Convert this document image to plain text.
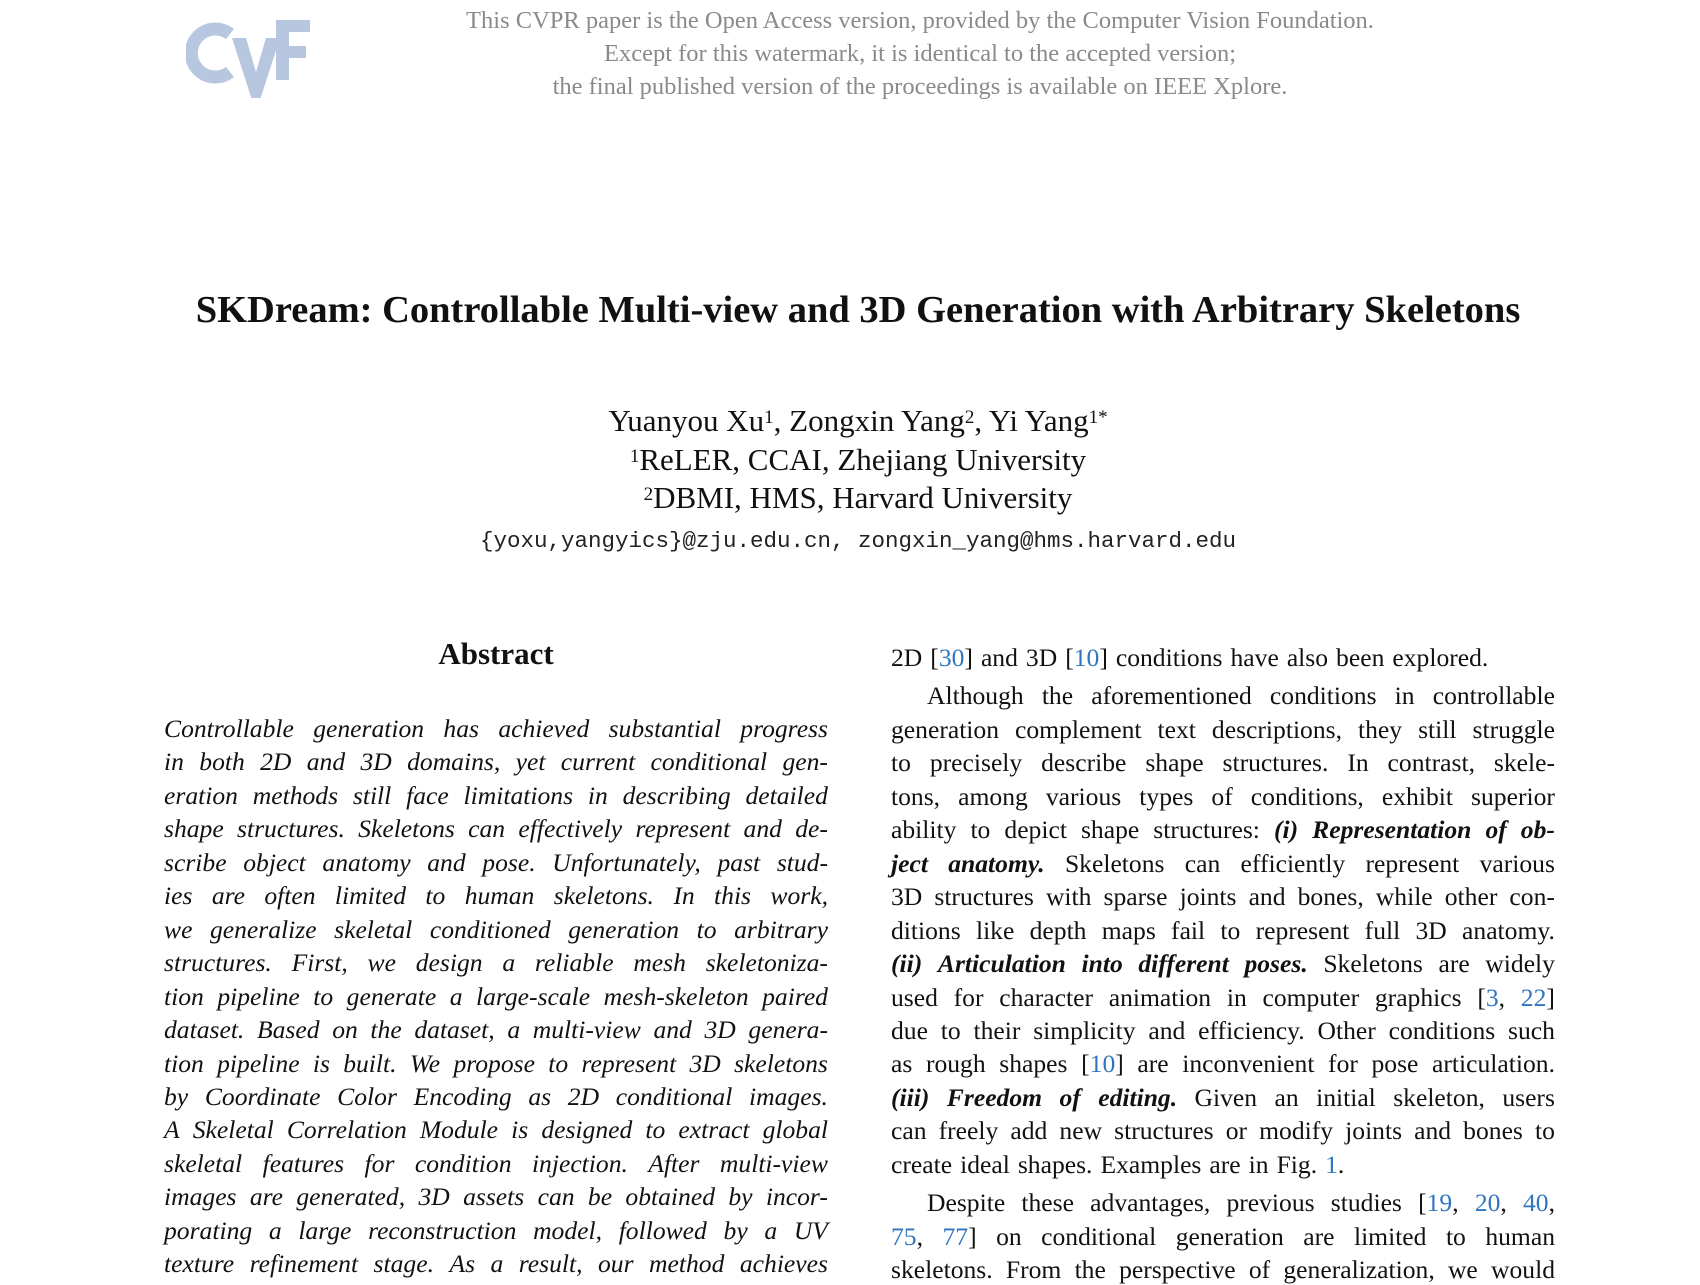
This CVPR paper is the Open Access version, provided by the Computer Vision Foundation.
Except for this watermark, it is identical to the accepted version;
the final published version of the proceedings is available on IEEE Xplore.
SKDream: Controllable Multi-view and 3D Generation with Arbitrary Skeletons
Yuanyou Xu$^1$, Zongxin Yang$^2$, Yi Yang$^{1*}$
$^1$ReLER, CCAI, Zhejiang University
$^2$DBMI, HMS, Harvard University
{yoxu,yangyics}@zju.edu.cn, zongxin_yang@hms.harvard.edu
Abstract
Controllable generation has achieved substantial progress
in both 2D and 3D domains, yet current conditional gen-
eration methods still face limitations in describing detailed
shape structures. Skeletons can effectively represent and de-
scribe object anatomy and pose. Unfortunately, past stud-
ies are often limited to human skeletons. In this work,
we generalize skeletal conditioned generation to arbitrary
structures. First, we design a reliable mesh skeletoniza-
tion pipeline to generate a large-scale mesh-skeleton paired
dataset. Based on the dataset, a multi-view and 3D genera-
tion pipeline is built. We propose to represent 3D skeletons
by Coordinate Color Encoding as 2D conditional images.
A Skeletal Correlation Module is designed to extract global
skeletal features for condition injection. After multi-view
images are generated, 3D assets can be obtained by incor-
porating a large reconstruction model, followed by a UV
texture refinement stage. As a result, our method achieves
2D [30] and 3D [10] conditions have also been explored.
Although the aforementioned conditions in controllable
generation complement text descriptions, they still struggle
to precisely describe shape structures. In contrast, skele-
tons, among various types of conditions, exhibit superior
ability to depict shape structures: (i) Representation of ob-
ject anatomy. Skeletons can efficiently represent various
3D structures with sparse joints and bones, while other con-
ditions like depth maps fail to represent full 3D anatomy.
(ii) Articulation into different poses. Skeletons are widely
used for character animation in computer graphics [3, 22]
due to their simplicity and efficiency. Other conditions such
as rough shapes [10] are inconvenient for pose articulation.
(iii) Freedom of editing. Given an initial skeleton, users
can freely add new structures or modify joints and bones to
create ideal shapes. Examples are in Fig. 1.
Despite these advantages, previous studies [19, 20, 40,
75, 77] on conditional generation are limited to human
skeletons. From the perspective of generalization, we would
